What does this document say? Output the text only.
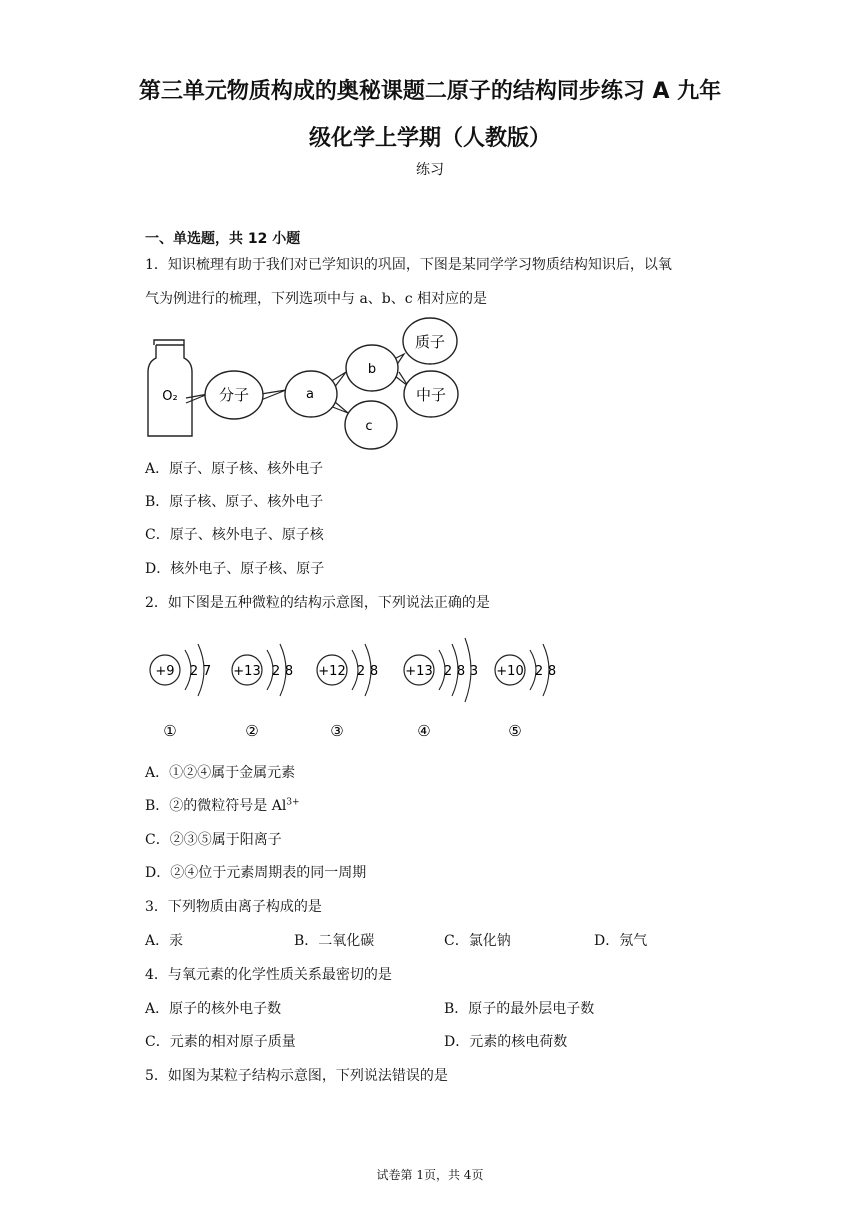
第三单元物质构成的奥秘课题二原子的结构同步练习 A 九年
级化学上学期（人教版）
练习
一、单选题，共 12 小题
1．知识梳理有助于我们对已学知识的巩固，下图是某同学学习物质结构知识后，以氧
气为例进行的梳理，下列选项中与 a、b、c 相对应的是
O₂	分子	a
b
c
质子
中子
A．原子、原子核、核外电子
B．原子核、原子、核外电子
C．原子、核外电子、原子核
D．核外电子、原子核、原子
2．如下图是五种微粒的结构示意图，下列说法正确的是
+9 2 7
①
+13 2 8
②
+12 2 8
③
+13 2 8 3
④
+10 2 8
⑤
A．①②④属于金属元素
B．②的微粒符号是 $Al^{3+}$
C．②③⑤属于阳离子
D．②④位于元素周期表的同一周期
3．下列物质由离子构成的是
A．汞	B．二氧化碳	C．氯化钠	D．氖气
4．与氧元素的化学性质关系最密切的是
A．原子的核外电子数	B．原子的最外层电子数
C．元素的相对原子质量	D．元素的核电荷数
5．如图为某粒子结构示意图，下列说法错误的是
试卷第 1页，共 4页
